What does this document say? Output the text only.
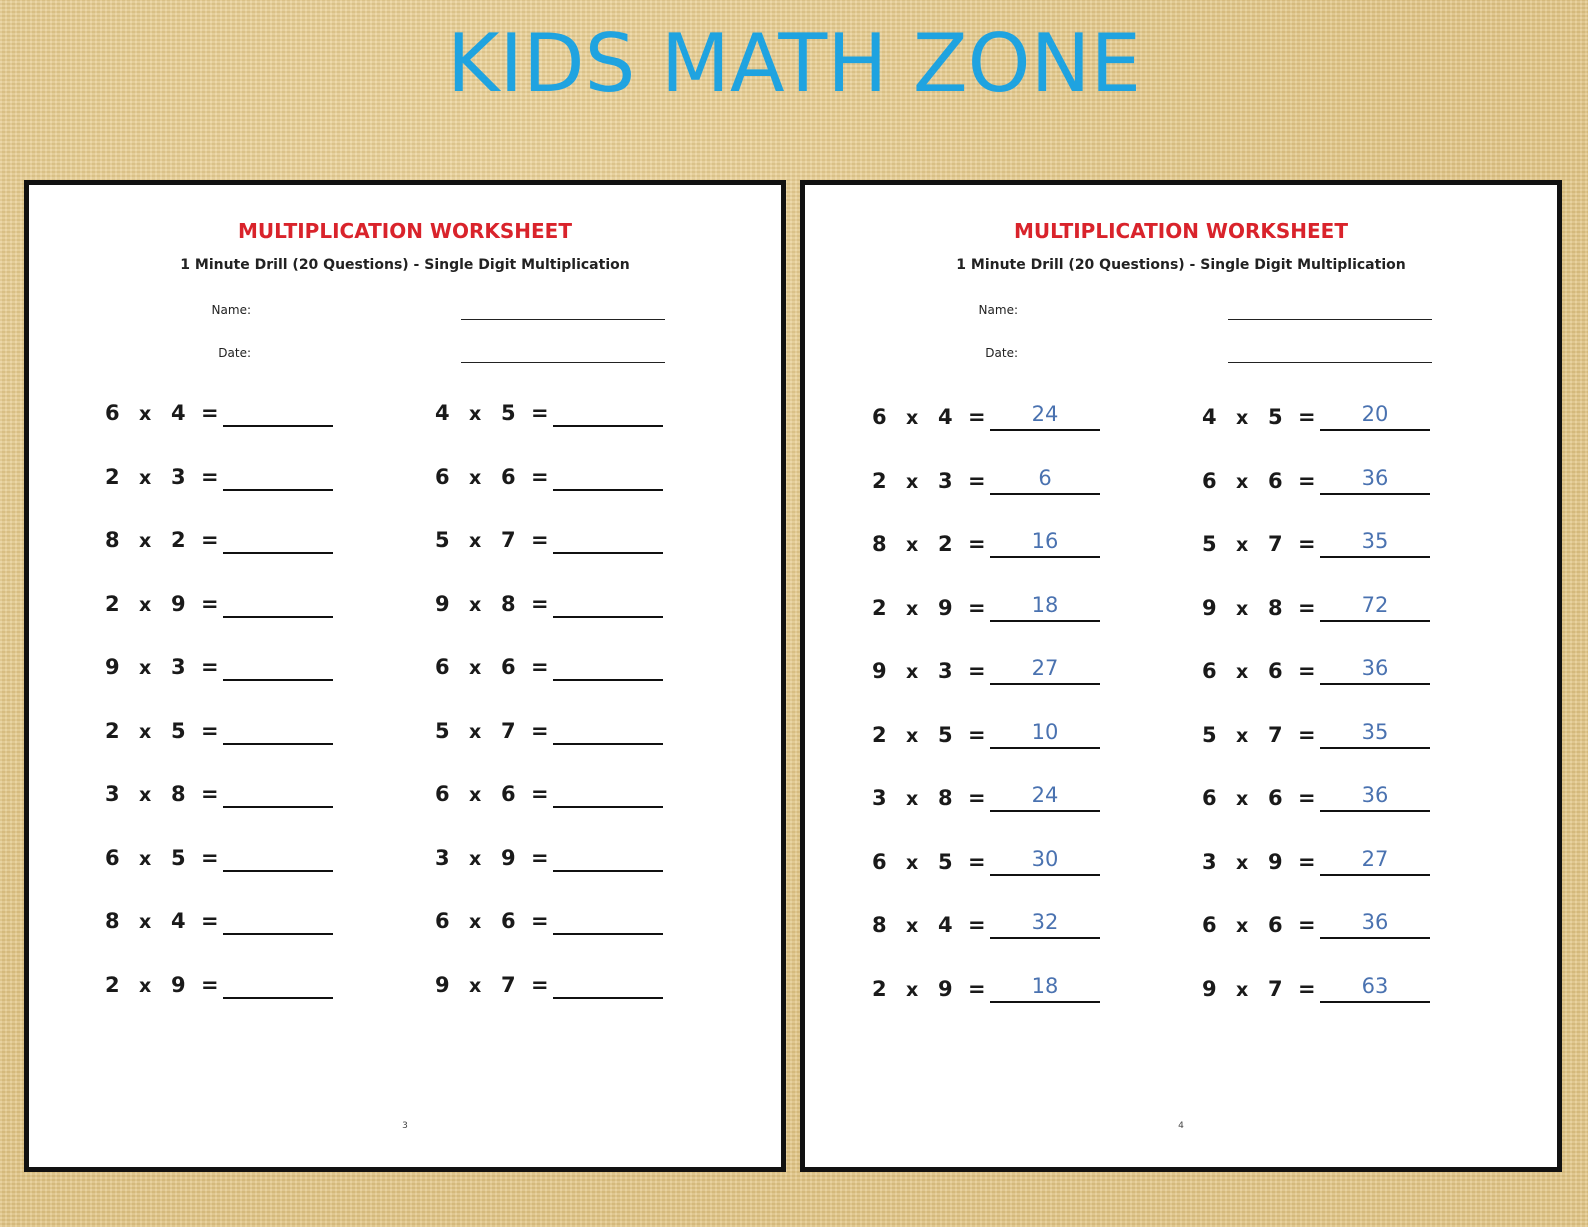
KIDS MATH ZONE
MULTIPLICATION WORKSHEET
1 Minute Drill (20 Questions) - Single Digit Multiplication
Name:
Date:
6 x 4 =
2 x 3 =
8 x 2 =
2 x 9 =
9 x 3 =
2 x 5 =
3 x 8 =
6 x 5 =
8 x 4 =
2 x 9 =
4 x 5 =
6 x 6 =
5 x 7 =
9 x 8 =
6 x 6 =
5 x 7 =
6 x 6 =
3 x 9 =
6 x 6 =
9 x 7 =
3
MULTIPLICATION WORKSHEET
1 Minute Drill (20 Questions) - Single Digit Multiplication
Name:
Date:
6 x 4 =	24
2 x 3 =	6
8 x 2 =	16
2 x 9 =	18
9 x 3 =	27
2 x 5 =	10
3 x 8 =	24
6 x 5 =	30
8 x 4 =	32
2 x 9 =	18
4 x 5 =	20
6 x 6 =	36
5 x 7 =	35
9 x 8 =	72
6 x 6 =	36
5 x 7 =	35
6 x 6 =	36
3 x 9 =	27
6 x 6 =	36
9 x 7 =	63
4
